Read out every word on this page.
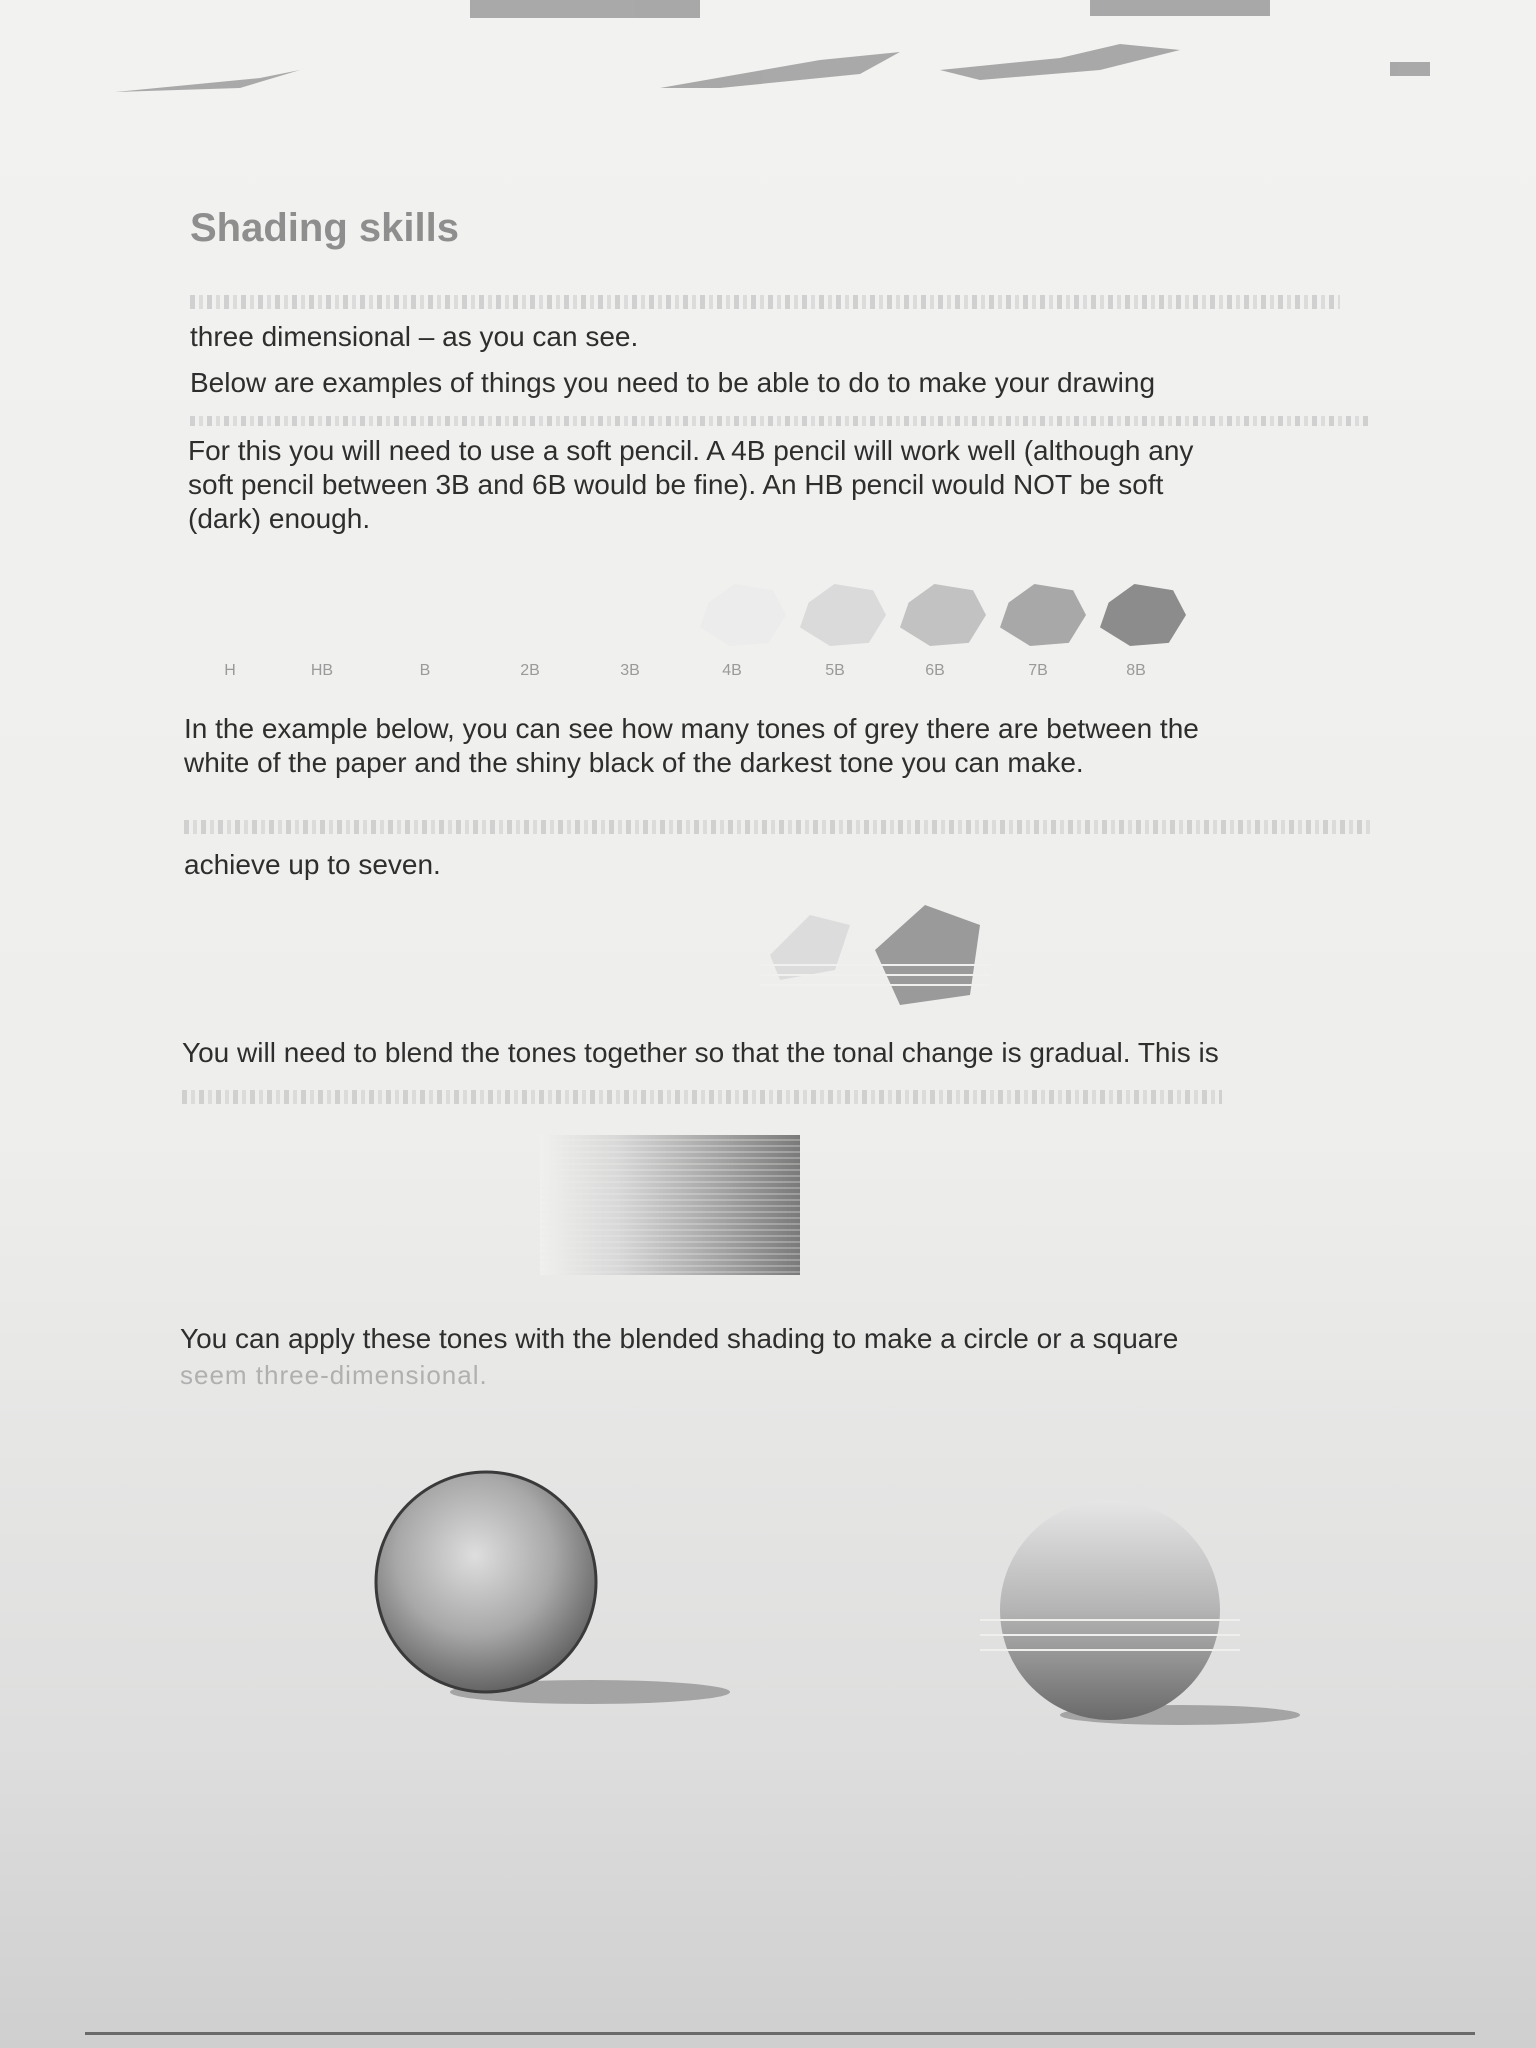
Shading skills

three dimensional – as you can see.

Below are examples of things you need to be able to do to make your drawing

For this you will need to use a soft pencil. A 4B pencil will work well (although any

soft pencil between 3B and 6B would be fine). An HB pencil would NOT be soft

(dark) enough.

H	HB	B	2B	3B	4B	5B	6B	7B	8B

In the example below, you can see how many tones of grey there are between the

white of the paper and the shiny black of the darkest tone you can make.

achieve up to seven.

You will need to blend the tones together so that the tonal change is gradual. This is

You can apply these tones with the blended shading to make a circle or a square

seem three-dimensional.
